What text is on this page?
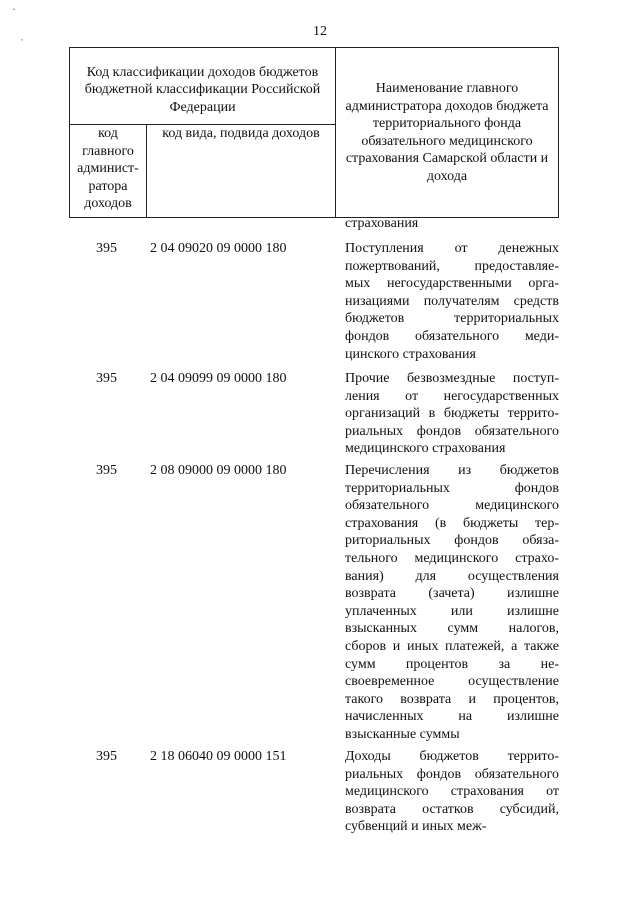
·
˙
12
Код классификации доходов бюджетов бюджетной классификации Российской Федерации		Наименование главного администратора доходов бюджета территориального фонда обязательного медицинского страхования Самарской области и дохода
код главного админист-ратора доходов	код вида, подвида доходов	
страхования
395 2 04 09020 09 0000 180	Поступления от денежных
пожертвований, предоставляе-
мых негосударственными орга-
низациями получателям средств
бюджетов территориальных
фондов обязательного меди-
цинского страхования
395 2 04 09099 09 0000 180	Прочие безвозмездные поступ-
ления от негосударственных
организаций в бюджеты террито-
риальных фондов обязательного
медицинского страхования
395 2 08 09000 09 0000 180	Перечисления из бюджетов
территориальных фондов
обязательного медицинского
страхования (в бюджеты тер-
риториальных фондов обяза-
тельного медицинского страхо-
вания) для осуществления
возврата (зачета) излишне
уплаченных или излишне
взысканных сумм налогов,
сборов и иных платежей, а также
сумм процентов за не-
своевременное осуществление
такого возврата и процентов,
начисленных на излишне
взысканные суммы
395 2 18 06040 09 0000 151	Доходы бюджетов террито-
риальных фондов обязательного
медицинского страхования от
возврата остатков субсидий,
субвенций и иных меж-
